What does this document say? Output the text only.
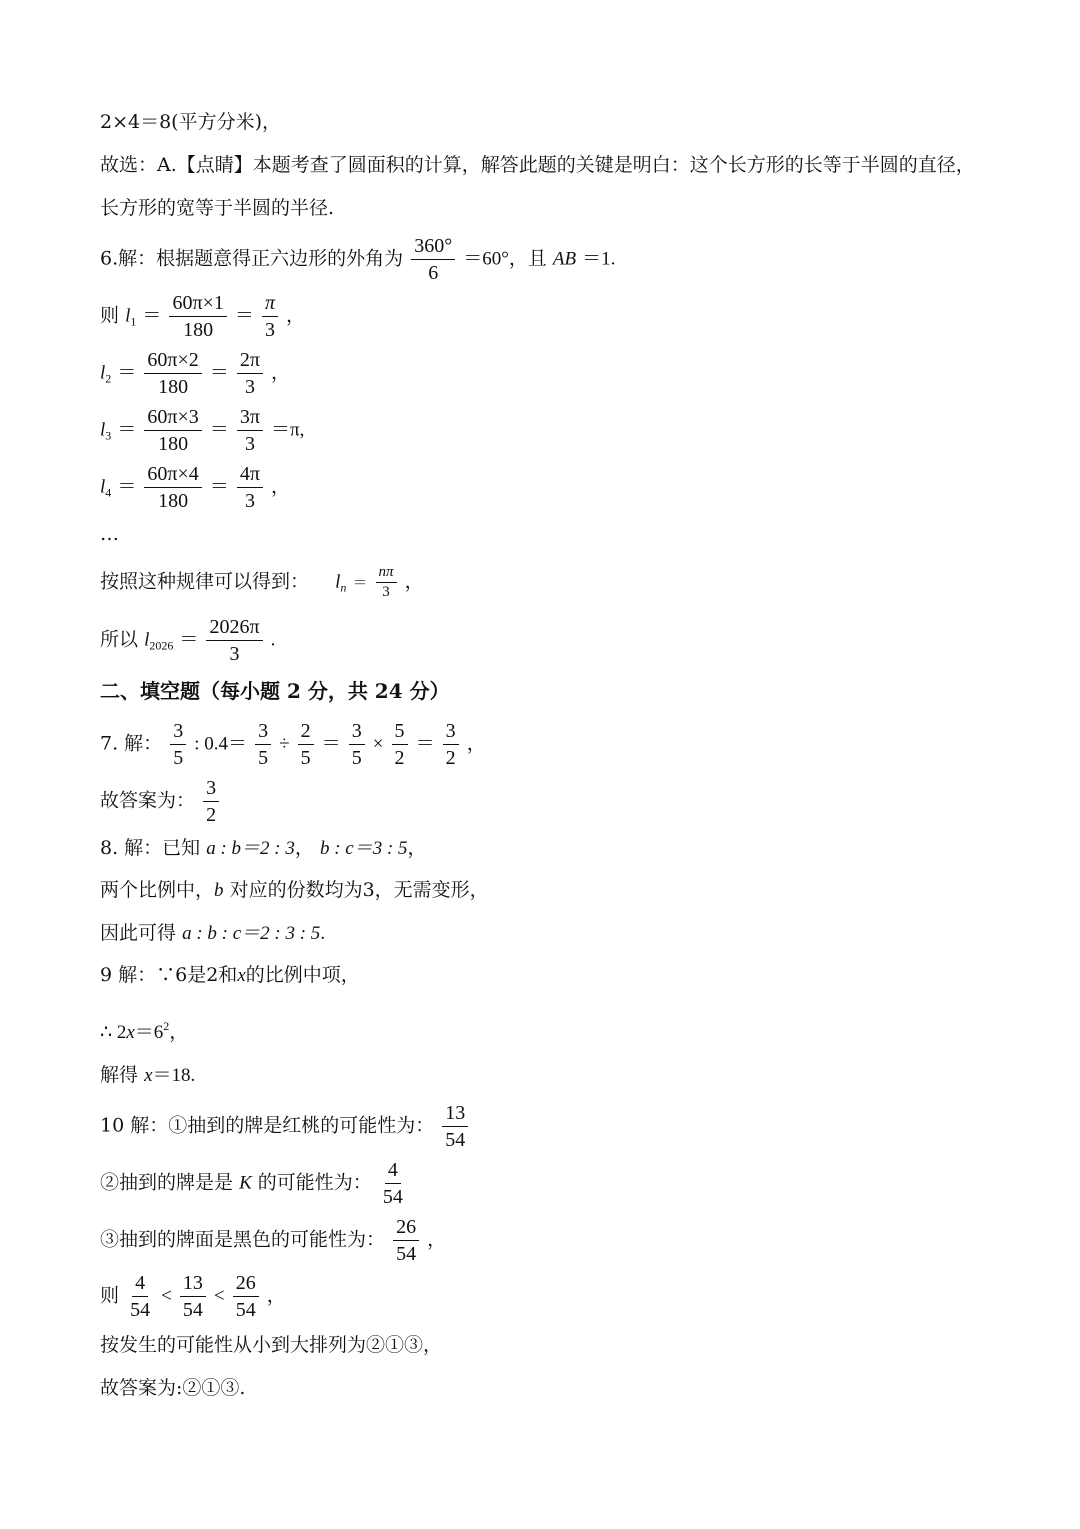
2×4＝8(平方分米)，
故选：A.【点睛】本题考查了圆面积的计算，解答此题的关键是明白：这个长方形的长等于半圆的直径，
长方形的宽等于半圆的半径.
6.解：根据题意得正六边形的外角为 $\frac{360^\circ}{6} =60^\circ$，且 AB ＝1.
则 $l_1 = \frac{60\pi\times 1}{180} = \frac{\pi}{3}$ ，
$l_2 = \frac{60\pi\times 2}{180} = \frac{2\pi}{3}$ ，
$l_3 = \frac{60\pi\times 3}{180} = \frac{3\pi}{3} =\pi$,
$l_4 = \frac{60\pi\times 4}{180} = \frac{4\pi}{3}$ ，
…
按照这种规律可以得到： $l_n = \frac{n\pi}{3}$ ，
所以 $l_{2026} = \frac{2026\pi}{3}$ .
二、填空题（每小题 2 分，共 24 分）
7. 解： $\frac{3}{5}$ : $0.4= \frac{3}{5} \div \frac{2}{5} = \frac{3}{5} \times \frac{5}{2} = \frac{3}{2}$ ，
故答案为： $\frac{3}{2}$
8. 解：已知 a : b＝2 : 3， b : c＝3 : 5，
两个比例中，b 对应的份数均为3，无需变形，
因此可得 a : b : c＝2 : 3 : 5.
9 解：∵6是2和x的比例中项，
∴ $2x=6^2$，
解得 x＝18.
10 解：①抽到的牌是红桃的可能性为： $\frac{13}{54}$
②抽到的牌是是 K 的可能性为： $\frac{4}{54}$
③抽到的牌面是黑色的可能性为： $\frac{26}{54}$ ，
则 $\frac{4}{54} < \frac{13}{54} < \frac{26}{54}$ ，
按发生的可能性从小到大排列为②①③，
故答案为:②①③.
